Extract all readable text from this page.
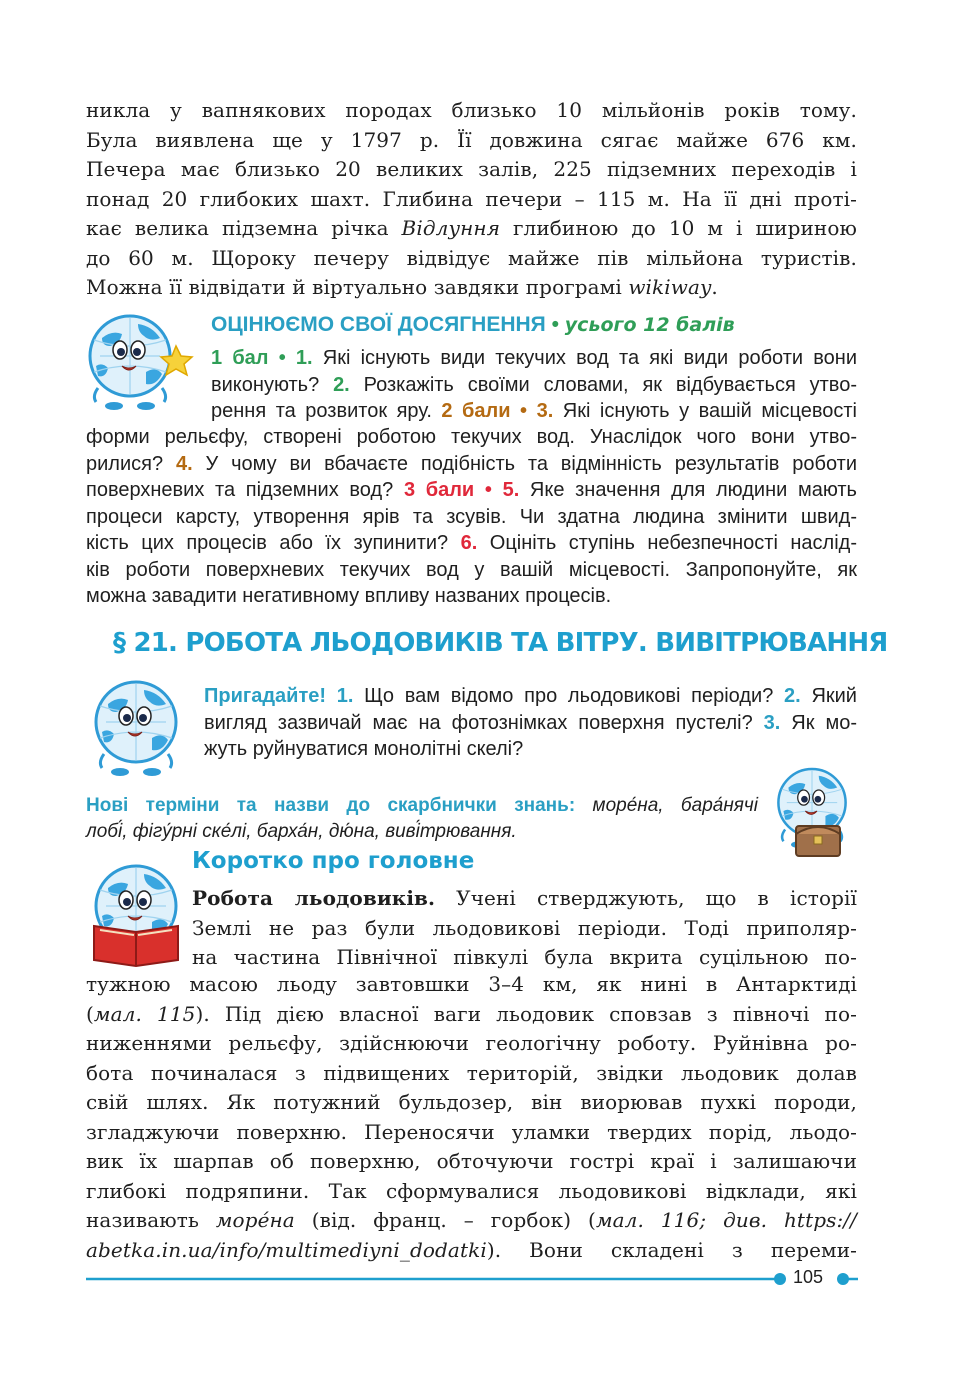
никла у вапнякових породах близько 10 мільйонів років тому.
Була виявлена ще у 1797 р. Її довжина сягає майже 676 км.
Печера має близько 20 великих залів, 225 підземних переходів і
понад 20 глибоких шахт. Глибина печери – 115 м. На її дні проті-
кає велика підземна річка Відлуння глибиною до 10 м і шириною
до 60 м. Щороку печеру відвідує майже пів мільйона туристів.
Можна її відвідати й віртуально завдяки програмі wikiway.
ОЦІНЮЄМО СВОЇ ДОСЯГНЕННЯ • усього 12 балів
1 бал • 1. Які існують види текучих вод та які види роботи вони
виконують? 2. Розкажіть своїми словами, як відбувається утво-
рення та розвиток яру. 2 бали • 3. Які існують у вашій місцевості
форми рельєфу, створені роботою текучих вод. Унаслідок чого вони утво-
рилися? 4. У чому ви вбачаєте подібність та відмінність результатів роботи
поверхневих та підземних вод? 3 бали • 5. Яке значення для людини мають
процеси карсту, утворення ярів та зсувів. Чи здатна людина змінити швид-
кість цих процесів або їх зупинити? 6. Оцініть ступінь небезпечності наслід-
ків роботи поверхневих текучих вод у вашій місцевості. Запропонуйте, як
можна завадити негативному впливу названих процесів.
§ 21. РОБОТА ЛЬОДОВИКІВ ТА ВІТРУ. ВИВІТРЮВАННЯ
Пригадайте! 1. Що вам відомо про льодовикові періоди? 2. Який
вигляд зазвичай має на фотознімках поверхня пустелі? 3. Як мо-
жуть руйнуватися монолітні скелі?
Нові терміни та назви до скарбнички знань: море́на, бара́нячі
лобі́, фігу́рні ске́лі, барха́н, дю́на, виві́трювання.
Коротко про головне
Робота льодовиків. Учені стверджують, що в історії
Землі не раз були льодовикові періоди. Тоді приполяр-
на частина Північної півкулі була вкрита суцільною по-
тужною масою льоду завтовшки 3–4 км, як нині в Антарктиді
(мал. 115). Під дією власної ваги льодовик сповзав з півночі по-
ниженнями рельєфу, здійснюючи геологічну роботу. Руйнівна ро-
бота починалася з підвищених територій, звідки льодовик долав
свій шлях. Як потужний бульдозер, він виорював пухкі породи,
згладжуючи поверхню. Переносячи уламки твердих порід, льодо-
вик їх шарпав об поверхню, обточуючи гострі краї і залишаючи
глибокі подряпини. Так сформувалися льодовикові відклади, які
називають море́на (від. франц. – горбок) (мал. 116; див. https://
abetka.in.ua/info/multimediyni_dodatki). Вони складені з переми-
105
